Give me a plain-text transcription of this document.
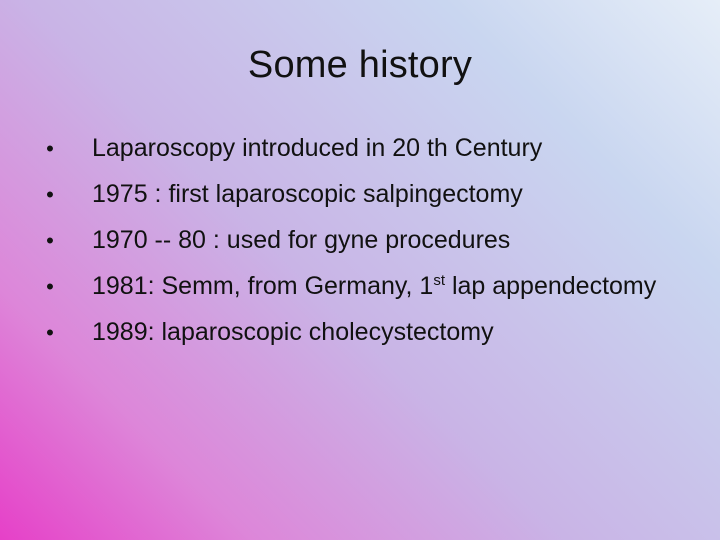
Some history
• Laparoscopy introduced in 20 th Century
• 1975 : first laparoscopic salpingectomy
• 1970 -- 80 : used for gyne procedures
• 1981: Semm, from Germany, 1st lap appendectomy
• 1989: laparoscopic cholecystectomy
